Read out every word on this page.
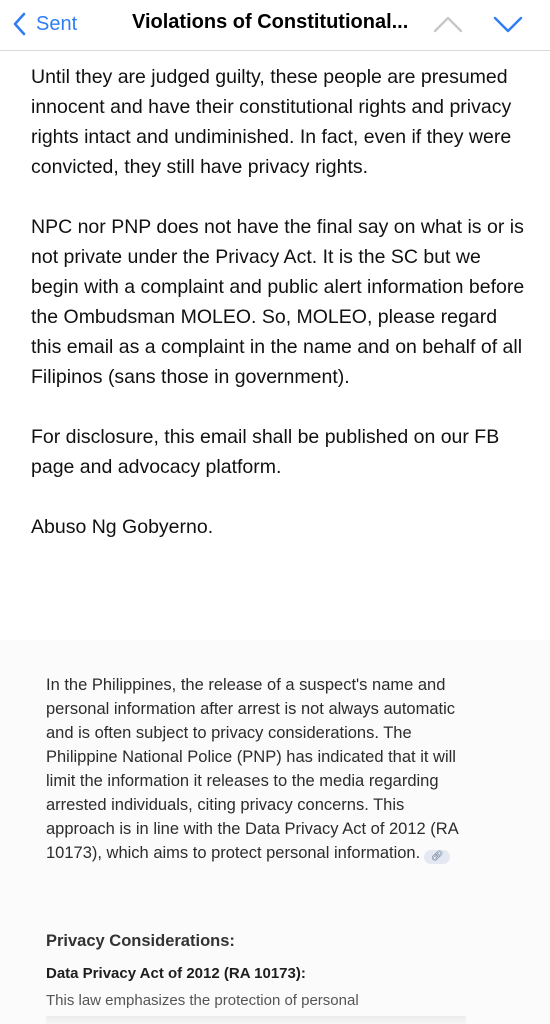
Sent	Violations of Constitutional...

Until they are judged guilty, these people are presumed innocent and have their constitutional rights and privacy rights intact and undiminished. In fact, even if they were convicted, they still have privacy rights.

NPC nor PNP does not have the final say on what is or is not private under the Privacy Act. It is the SC but we begin with a complaint and public alert information before the Ombudsman MOLEO. So, MOLEO, please regard this email as a complaint in the name and on behalf of all Filipinos (sans those in government).

For disclosure, this email shall be published on our FB page and advocacy platform.

Abuso Ng Gobyerno.

In the Philippines, the release of a suspect's name and personal information after arrest is not always automatic and is often subject to privacy considerations. The Philippine National Police (PNP) has indicated that it will limit the information it releases to the media regarding arrested individuals, citing privacy concerns. This approach is in line with the Data Privacy Act of 2012 (RA 10173), which aims to protect personal information. 🔗︎
Privacy Considerations:
Data Privacy Act of 2012 (RA 10173):
This law emphasizes the protection of personal
